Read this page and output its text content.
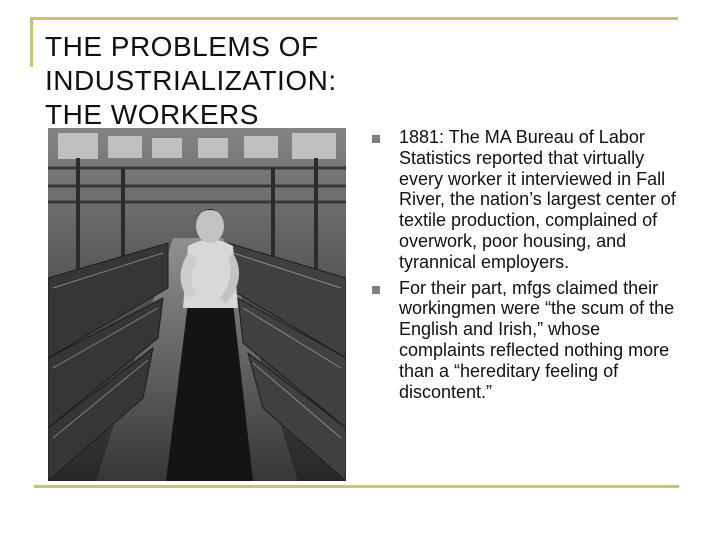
THE PROBLEMS OF
INDUSTRIALIZATION:
THE WORKERS
1881: The MA Bureau of Labor Statistics reported that virtually every worker it interviewed in Fall River, the nation’s largest center of textile production, complained of overwork, poor housing, and tyrannical employers.
For their part, mfgs claimed their workingmen were “the scum of the English and Irish,” whose complaints reflected nothing more than a “hereditary feeling of discontent.”
